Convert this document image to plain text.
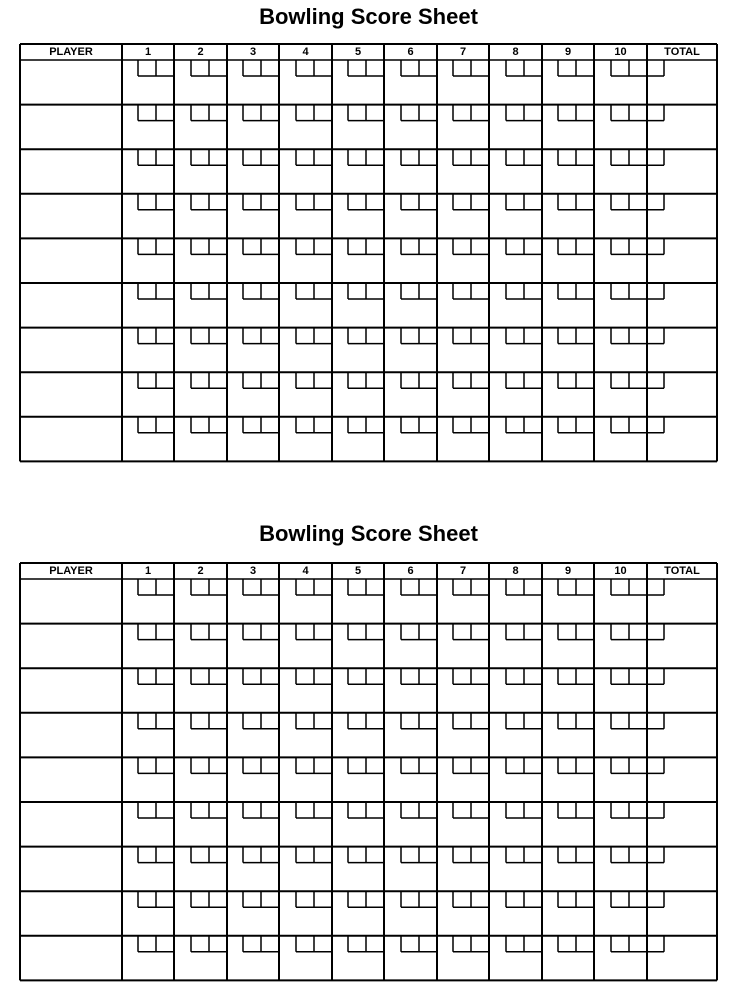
Bowling Score Sheet
PLAYER	1	2	3	4	5	6	7	8	9	10	TOTAL
Bowling Score Sheet
PLAYER	1	2	3	4	5	6	7	8	9	10	TOTAL
